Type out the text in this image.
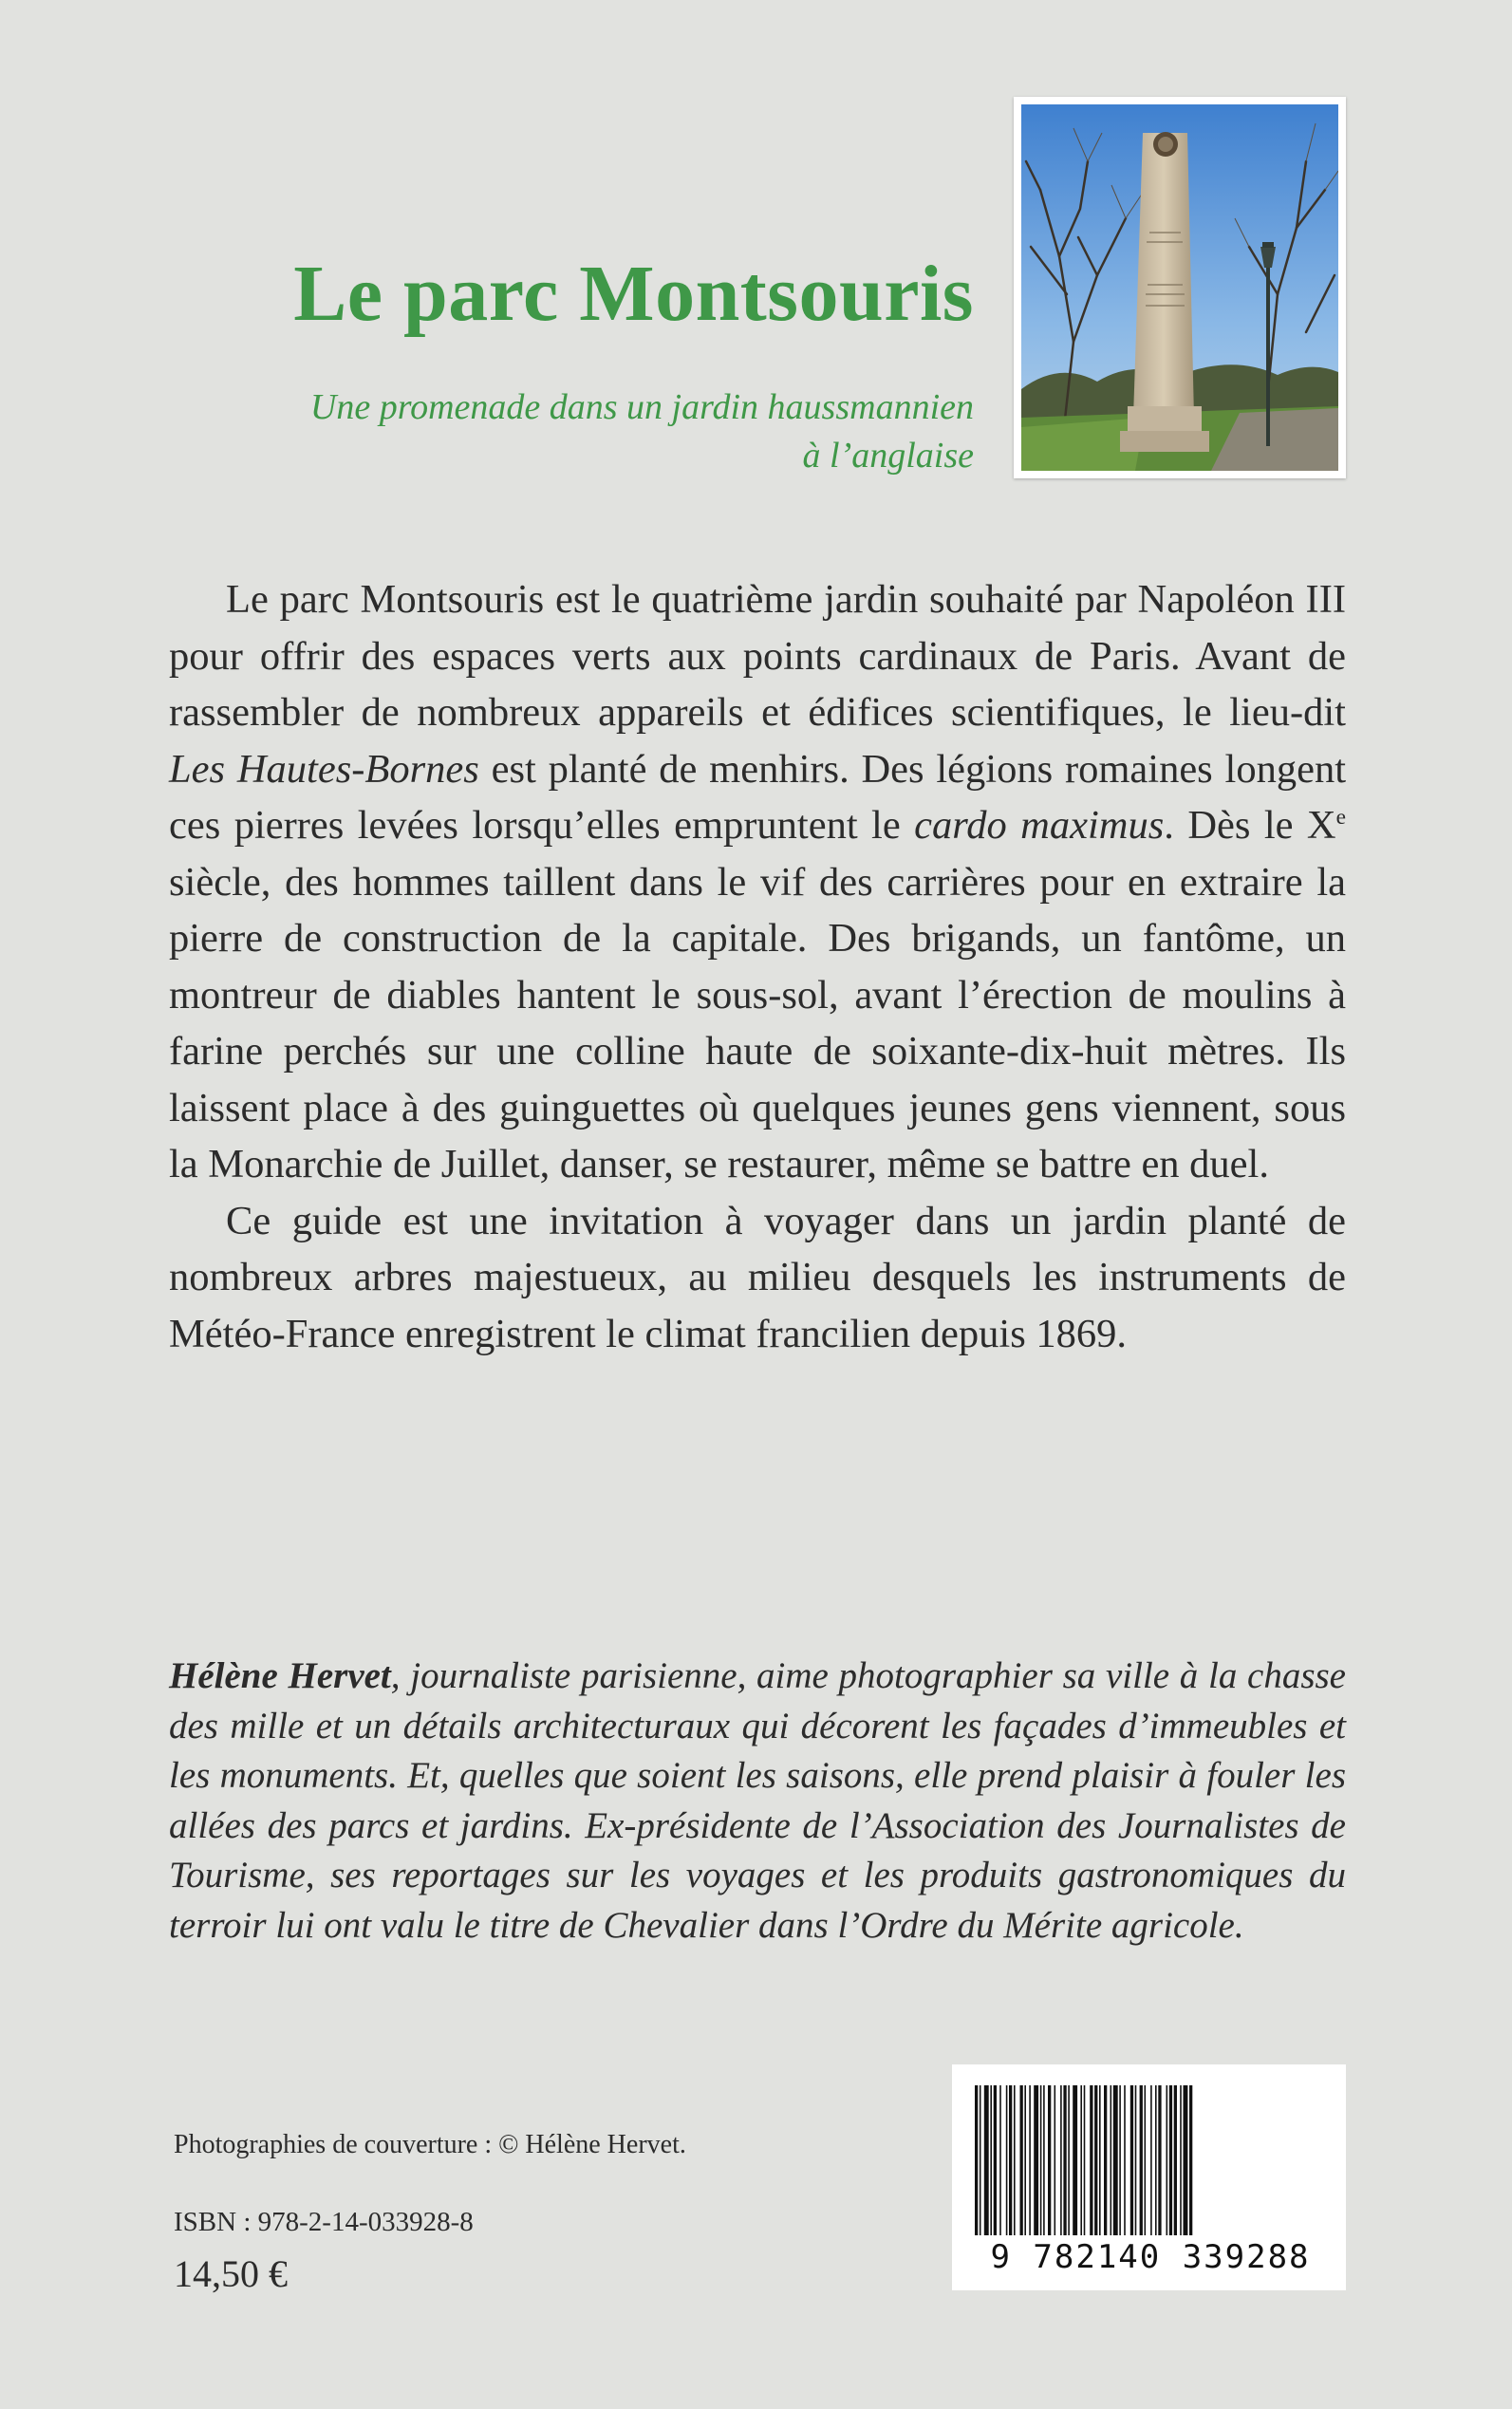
Le parc Montsouris
Une promenade dans un jardin haussmannien
à l’anglaise

Le parc Montsouris est le quatrième jardin souhaité par Napoléon III pour offrir des espaces verts aux points cardinaux de Paris. Avant de rassembler de nombreux appareils et édifices scientifiques, le lieu-dit Les Hautes-Bornes est planté de menhirs. Des légions romaines longent ces pierres levées lorsqu’elles empruntent le cardo maximus. Dès le Xe siècle, des hommes taillent dans le vif des carrières pour en extraire la pierre de construction de la capitale. Des brigands, un fantôme, un montreur de diables hantent le sous-sol, avant l’érection de moulins à farine perchés sur une colline haute de soixante-dix-huit mètres. Ils laissent place à des guinguettes où quelques jeunes gens viennent, sous la Monarchie de Juillet, danser, se restaurer, même se battre en duel.

Ce guide est une invitation à voyager dans un jardin planté de nombreux arbres majestueux, au milieu desquels les instruments de Météo-France enregistrent le climat francilien depuis 1869.

Hélène Hervet, journaliste parisienne, aime photographier sa ville à la chasse des mille et un détails architecturaux qui décorent les façades d’immeubles et les monuments. Et, quelles que soient les saisons, elle prend plaisir à fouler les allées des parcs et jardins. Ex-présidente de l’Association des Journalistes de Tourisme, ses reportages sur les voyages et les produits gastronomiques du terroir lui ont valu le titre de Chevalier dans l’Ordre du Mérite agricole.
Photographies de couverture : © Hélène Hervet.
ISBN : 978-2-14-033928-8
14,50 €	9 782140 339288
